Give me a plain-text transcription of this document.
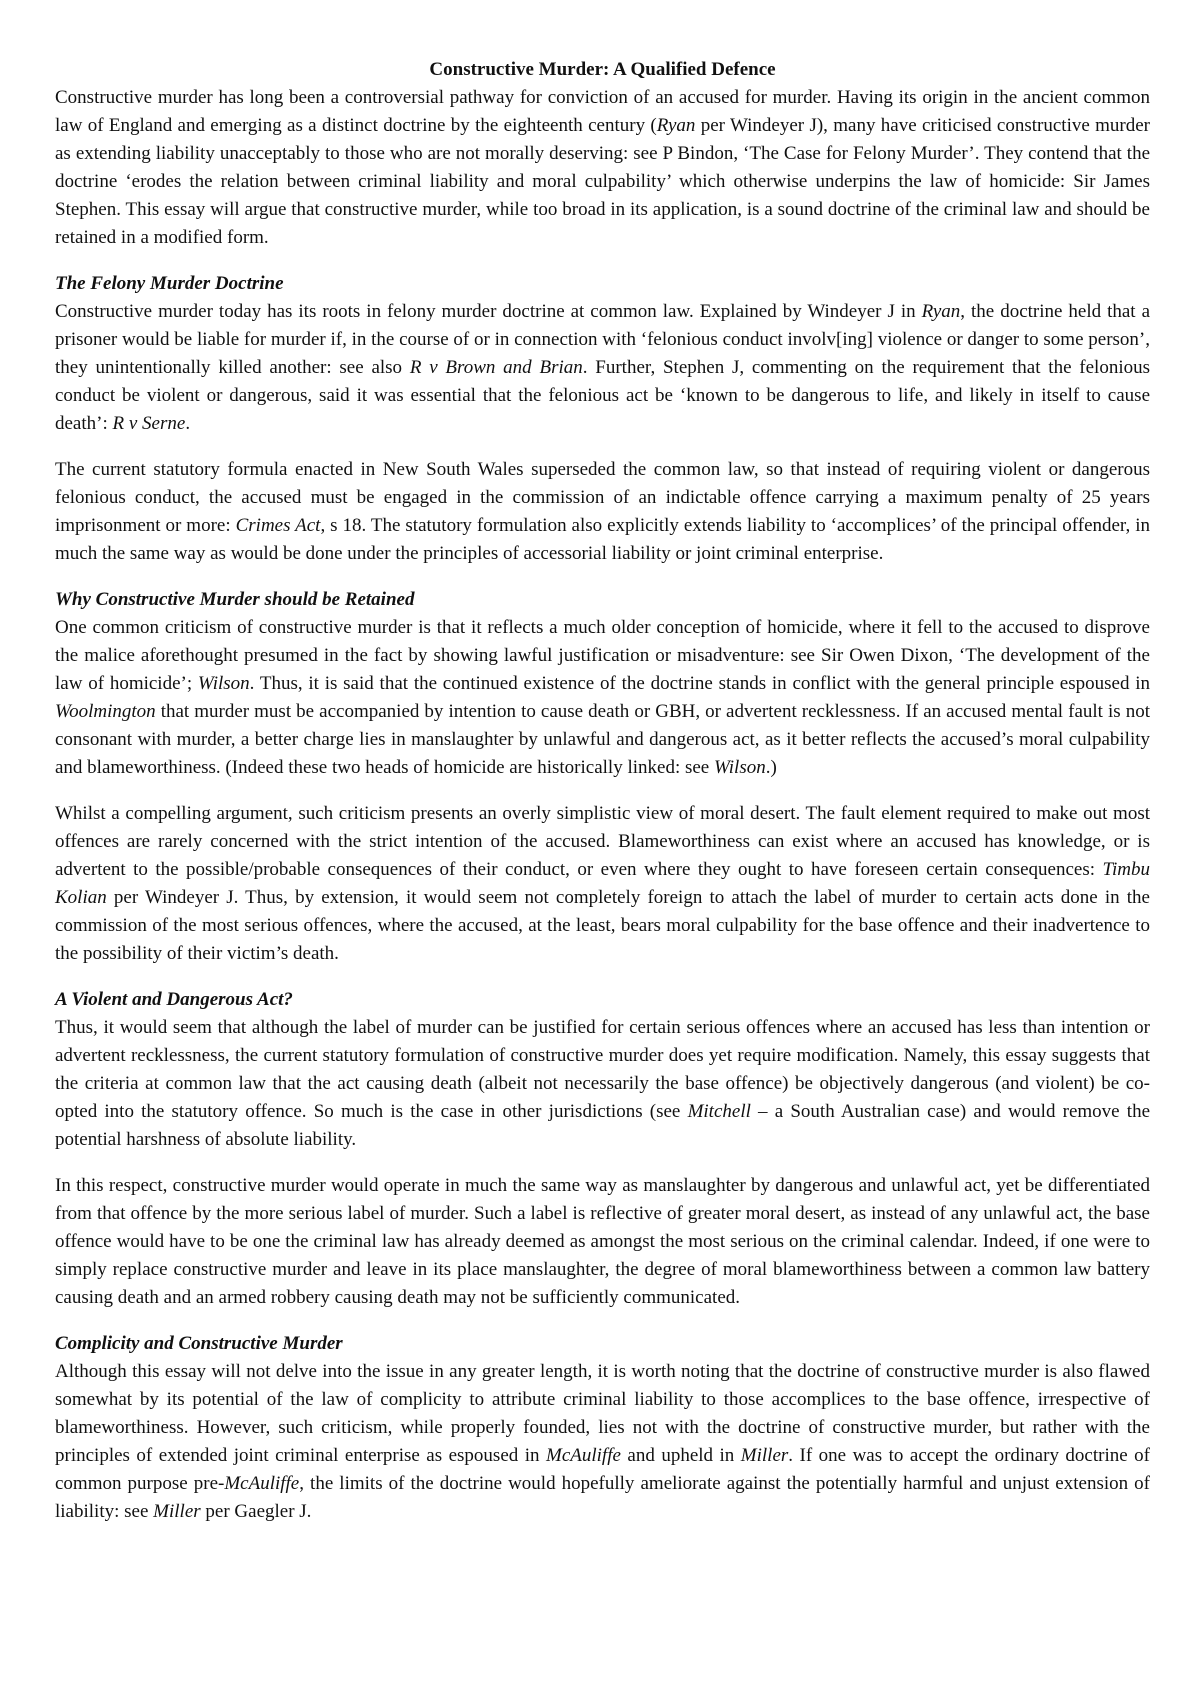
Constructive Murder: A Qualified Defence

Constructive murder has long been a controversial pathway for conviction of an accused for murder. Having its origin in the ancient common law of England and emerging as a distinct doctrine by the eighteenth century (Ryan per Windeyer J), many have criticised constructive murder as extending liability unacceptably to those who are not morally deserving: see P Bindon, ‘The Case for Felony Murder’. They contend that the doctrine ‘erodes the relation between criminal liability and moral culpability’ which otherwise underpins the law of homicide: Sir James Stephen. This essay will argue that constructive murder, while too broad in its application, is a sound doctrine of the criminal law and should be retained in a modified form.

The Felony Murder Doctrine

Constructive murder today has its roots in felony murder doctrine at common law. Explained by Windeyer J in Ryan, the doctrine held that a prisoner would be liable for murder if, in the course of or in connection with ‘felonious conduct involv[ing] violence or danger to some person’, they unintentionally killed another: see also R v Brown and Brian. Further, Stephen J, commenting on the requirement that the felonious conduct be violent or dangerous, said it was essential that the felonious act be ‘known to be dangerous to life, and likely in itself to cause death’: R v Serne.

The current statutory formula enacted in New South Wales superseded the common law, so that instead of requiring violent or dangerous felonious conduct, the accused must be engaged in the commission of an indictable offence carrying a maximum penalty of 25 years imprisonment or more: Crimes Act, s 18. The statutory formulation also explicitly extends liability to ‘accomplices’ of the principal offender, in much the same way as would be done under the principles of accessorial liability or joint criminal enterprise.

Why Constructive Murder should be Retained

One common criticism of constructive murder is that it reflects a much older conception of homicide, where it fell to the accused to disprove the malice aforethought presumed in the fact by showing lawful justification or misadventure: see Sir Owen Dixon, ‘The development of the law of homicide’; Wilson. Thus, it is said that the continued existence of the doctrine stands in conflict with the general principle espoused in Woolmington that murder must be accompanied by intention to cause death or GBH, or advertent recklessness. If an accused mental fault is not consonant with murder, a better charge lies in manslaughter by unlawful and dangerous act, as it better reflects the accused’s moral culpability and blameworthiness. (Indeed these two heads of homicide are historically linked: see Wilson.)

Whilst a compelling argument, such criticism presents an overly simplistic view of moral desert. The fault element required to make out most offences are rarely concerned with the strict intention of the accused. Blameworthiness can exist where an accused has knowledge, or is advertent to the possible/probable consequences of their conduct, or even where they ought to have foreseen certain consequences: Timbu Kolian per Windeyer J. Thus, by extension, it would seem not completely foreign to attach the label of murder to certain acts done in the commission of the most serious offences, where the accused, at the least, bears moral culpability for the base offence and their inadvertence to the possibility of their victim’s death.

A Violent and Dangerous Act?

Thus, it would seem that although the label of murder can be justified for certain serious offences where an accused has less than intention or advertent recklessness, the current statutory formulation of constructive murder does yet require modification. Namely, this essay suggests that the criteria at common law that the act causing death (albeit not necessarily the base offence) be objectively dangerous (and violent) be co-opted into the statutory offence. So much is the case in other jurisdictions (see Mitchell – a South Australian case) and would remove the potential harshness of absolute liability.

In this respect, constructive murder would operate in much the same way as manslaughter by dangerous and unlawful act, yet be differentiated from that offence by the more serious label of murder. Such a label is reflective of greater moral desert, as instead of any unlawful act, the base offence would have to be one the criminal law has already deemed as amongst the most serious on the criminal calendar. Indeed, if one were to simply replace constructive murder and leave in its place manslaughter, the degree of moral blameworthiness between a common law battery causing death and an armed robbery causing death may not be sufficiently communicated.

Complicity and Constructive Murder

Although this essay will not delve into the issue in any greater length, it is worth noting that the doctrine of constructive murder is also flawed somewhat by its potential of the law of complicity to attribute criminal liability to those accomplices to the base offence, irrespective of blameworthiness. However, such criticism, while properly founded, lies not with the doctrine of constructive murder, but rather with the principles of extended joint criminal enterprise as espoused in McAuliffe and upheld in Miller. If one was to accept the ordinary doctrine of common purpose pre-McAuliffe, the limits of the doctrine would hopefully ameliorate against the potentially harmful and unjust extension of liability: see Miller per Gaegler J.
